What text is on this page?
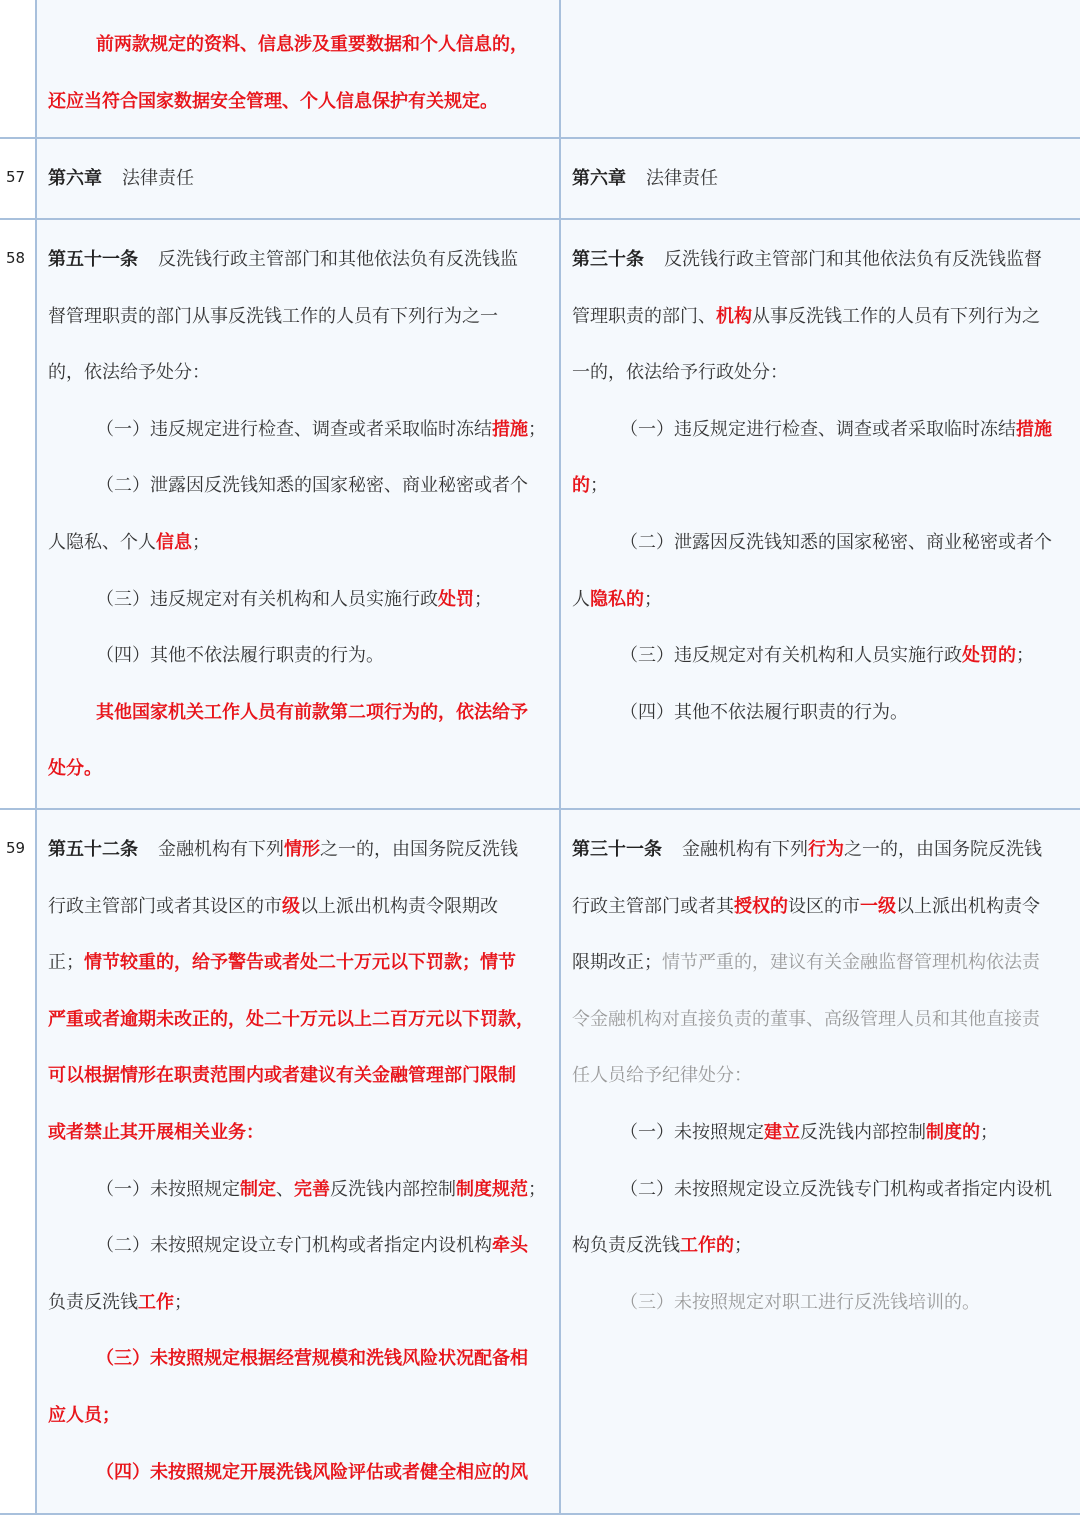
前两款规定的资料、信息涉及重要数据和个人信息的，
还应当符合国家数据安全管理、个人信息保护有关规定。
57 第六章 法律责任	第六章 法律责任
58 第五十一条 反洗钱行政主管部门和其他依法负有反洗钱监
督管理职责的部门从事反洗钱工作的人员有下列行为之一
的，依法给予处分：
（一）违反规定进行检查、调查或者采取临时冻结措施；
（二）泄露因反洗钱知悉的国家秘密、商业秘密或者个
人隐私、个人信息；
（三）违反规定对有关机构和人员实施行政处罚；
（四）其他不依法履行职责的行为。
其他国家机关工作人员有前款第二项行为的，依法给予
处分。
第三十条 反洗钱行政主管部门和其他依法负有反洗钱监督
管理职责的部门、机构从事反洗钱工作的人员有下列行为之
一的，依法给予行政处分：
（一）违反规定进行检查、调查或者采取临时冻结措施
的；
（二）泄露因反洗钱知悉的国家秘密、商业秘密或者个
人隐私的；
（三）违反规定对有关机构和人员实施行政处罚的；
（四）其他不依法履行职责的行为。
59 第五十二条 金融机构有下列情形之一的，由国务院反洗钱
行政主管部门或者其设区的市级以上派出机构责令限期改
正；情节较重的，给予警告或者处二十万元以下罚款；情节
严重或者逾期未改正的，处二十万元以上二百万元以下罚款，
可以根据情形在职责范围内或者建议有关金融管理部门限制
或者禁止其开展相关业务：
（一）未按照规定制定、完善反洗钱内部控制制度规范；
（二）未按照规定设立专门机构或者指定内设机构牵头
负责反洗钱工作；
（三）未按照规定根据经营规模和洗钱风险状况配备相
应人员；
（四）未按照规定开展洗钱风险评估或者健全相应的风
第三十一条 金融机构有下列行为之一的，由国务院反洗钱
行政主管部门或者其授权的设区的市一级以上派出机构责令
限期改正；情节严重的，建议有关金融监督管理机构依法责
令金融机构对直接负责的董事、高级管理人员和其他直接责
任人员给予纪律处分：
（一）未按照规定建立反洗钱内部控制制度的；
（二）未按照规定设立反洗钱专门机构或者指定内设机
构负责反洗钱工作的；
（三）未按照规定对职工进行反洗钱培训的。
